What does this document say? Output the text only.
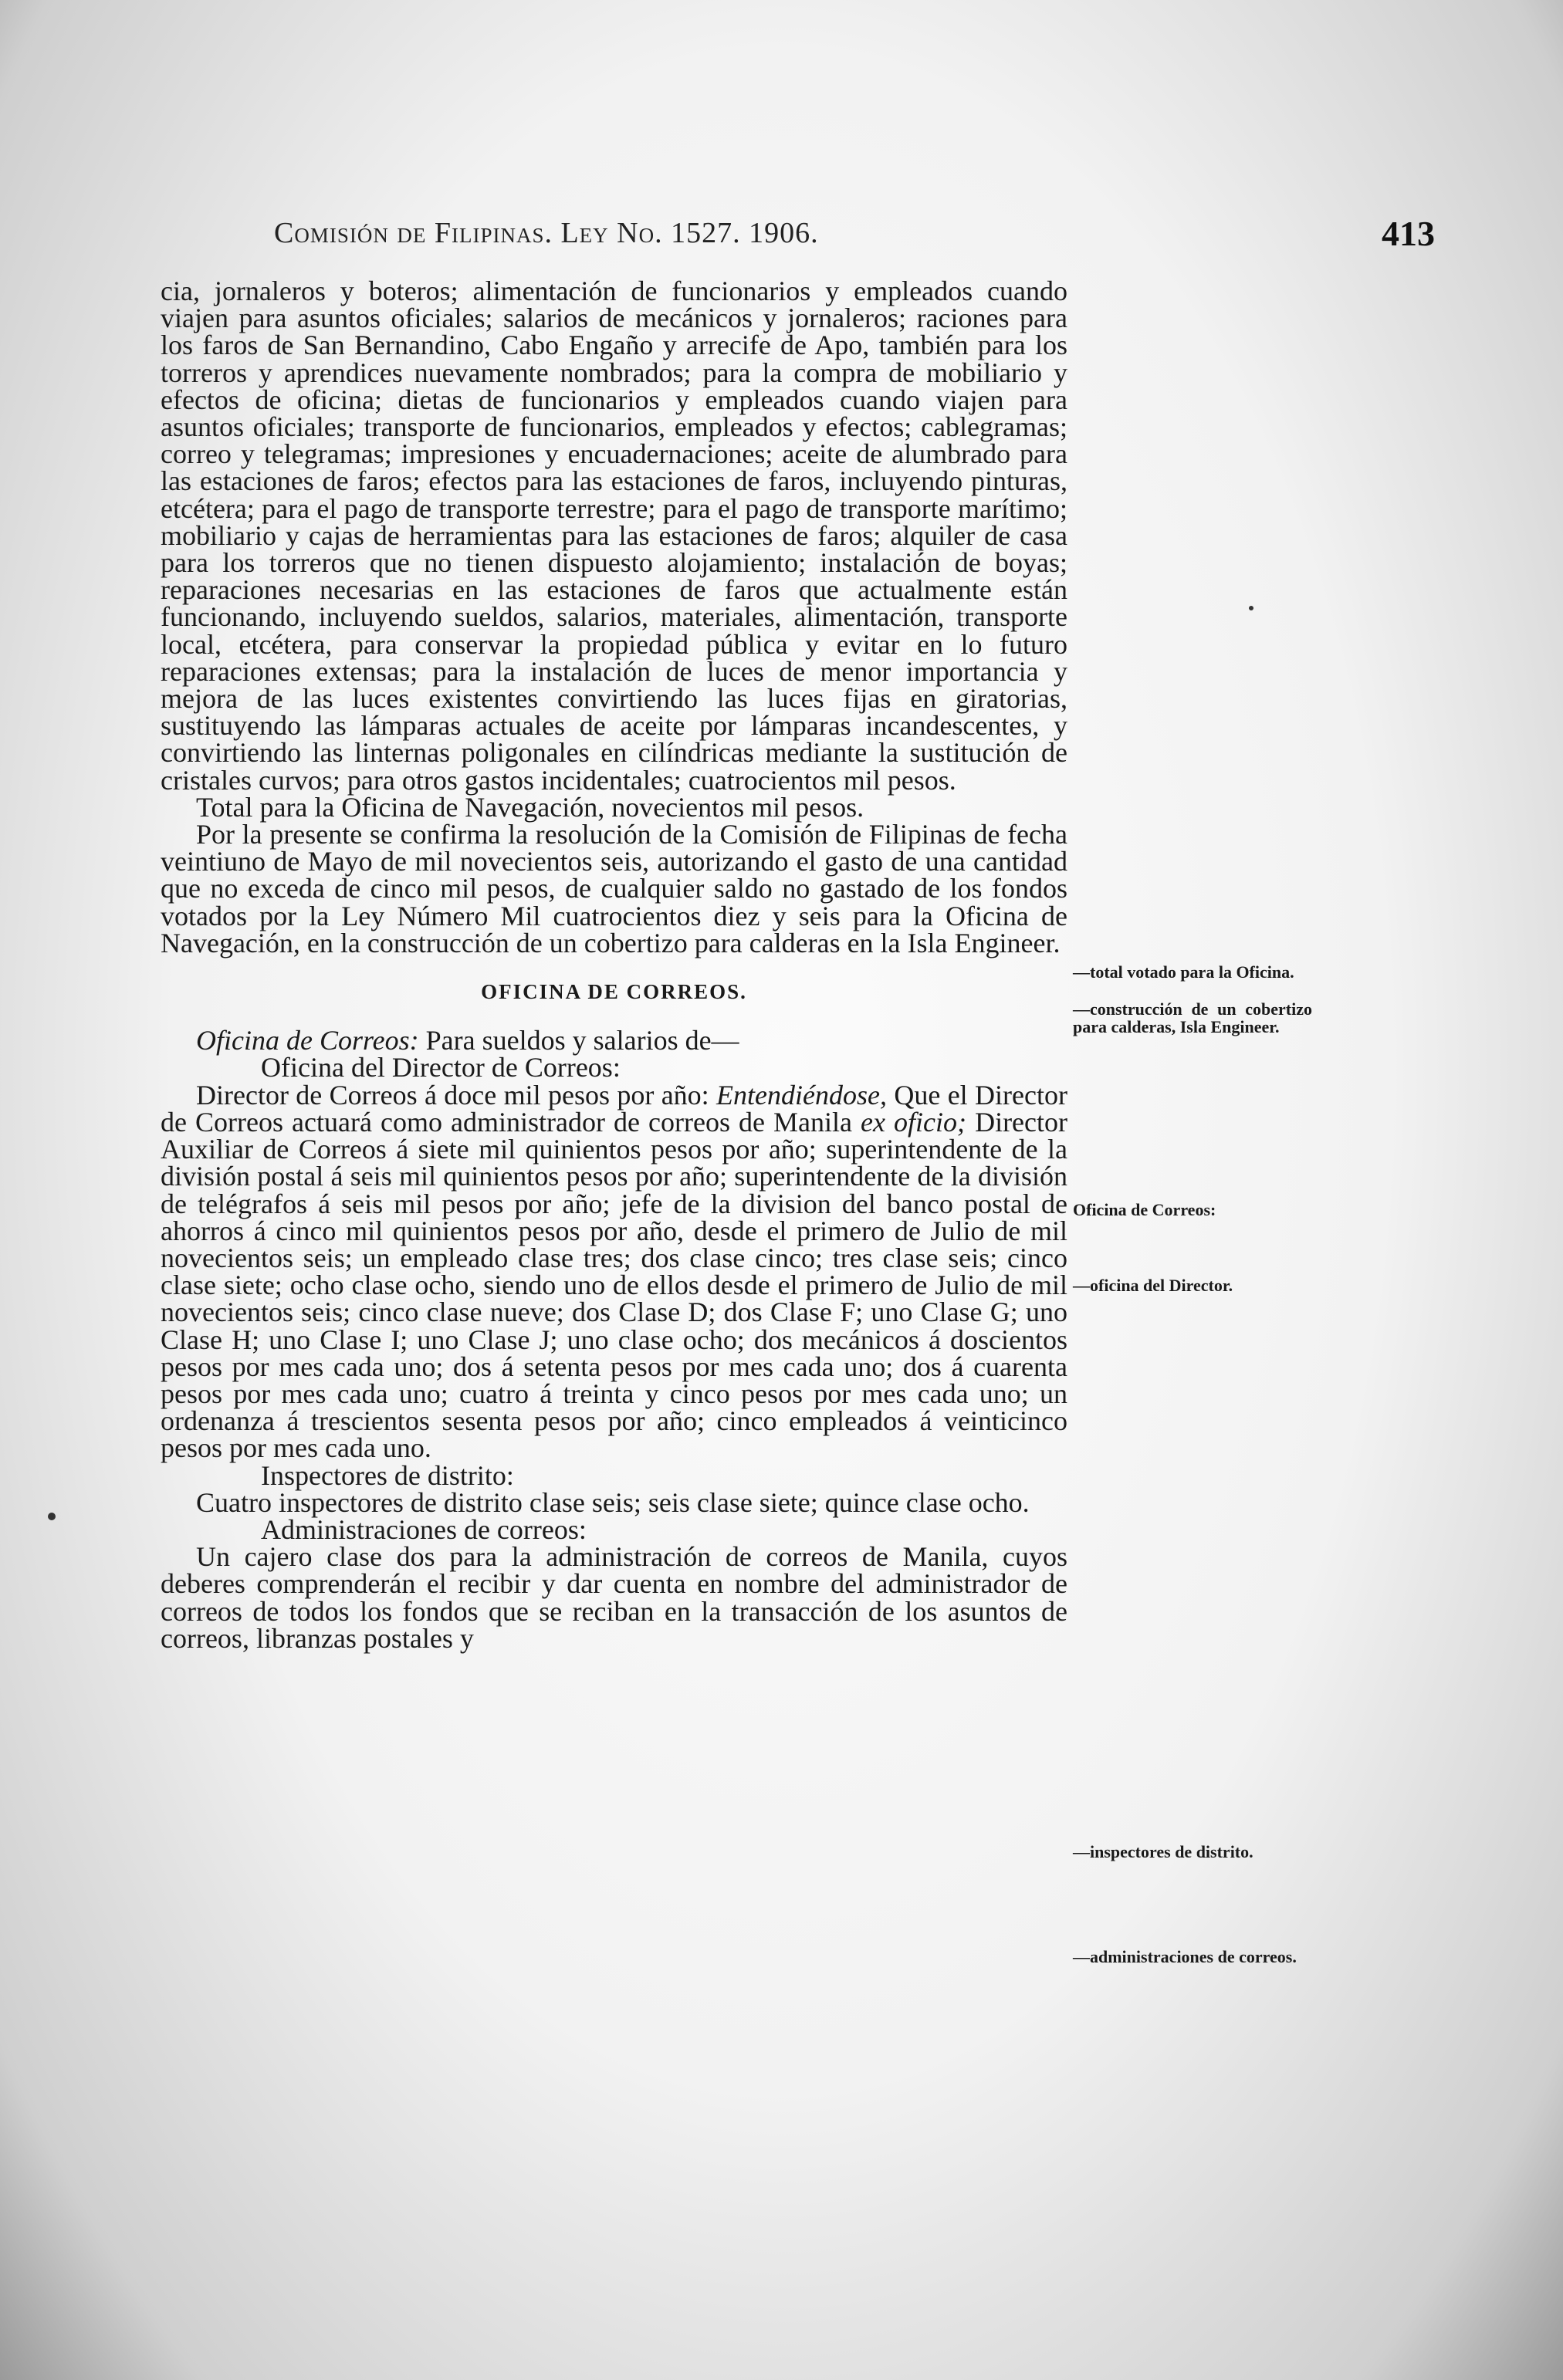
Comisión de Filipinas. Ley No. 1527. 1906.	413

cia, jornaleros y boteros; alimentación de funcionarios y empleados cuando viajen para asuntos oficiales; salarios de mecánicos y jornaleros; raciones para los faros de San Bernandino, Cabo Engaño y arrecife de Apo, también para los torreros y aprendices nuevamente nombrados; para la compra de mobiliario y efectos de oficina; dietas de funcionarios y empleados cuando viajen para asuntos oficiales; transporte de funcionarios, empleados y efectos; cablegramas; correo y telegramas; impresiones y encuadernaciones; aceite de alumbrado para las estaciones de faros; efectos para las estaciones de faros, incluyendo pinturas, etcétera; para el pago de transporte terrestre; para el pago de transporte marítimo; mobiliario y cajas de herramientas para las estaciones de faros; alquiler de casa para los torreros que no tienen dispuesto alojamiento; instalación de boyas; reparaciones necesarias en las estaciones de faros que actualmente están funcionando, incluyendo sueldos, salarios, materiales, alimentación, transporte local, etcétera, para conservar la propiedad pública y evitar en lo futuro reparaciones extensas; para la instalación de luces de menor importancia y mejora de las luces existentes convirtiendo las luces fijas en giratorias, sustituyendo las lámparas actuales de aceite por lámparas incandescentes, y convirtiendo las linternas poligonales en cilíndricas mediante la sustitución de cristales curvos; para otros gastos incidentales; cuatrocientos mil pesos.

Total para la Oficina de Navegación, novecientos mil pesos.

Por la presente se confirma la resolución de la Comisión de Filipinas de fecha veintiuno de Mayo de mil novecientos seis, autorizando el gasto de una cantidad que no exceda de cinco mil pesos, de cualquier saldo no gastado de los fondos votados por la Ley Número Mil cuatrocientos diez y seis para la Oficina de Navegación, en la construcción de un cobertizo para calderas en la Isla Engineer.

OFICINA DE CORREOS.

Oficina de Correos: Para sueldos y salarios de—

Oficina del Director de Correos:

Director de Correos á doce mil pesos por año: Entendiéndose, Que el Director de Correos actuará como administrador de correos de Manila ex oficio; Director Auxiliar de Correos á siete mil quinientos pesos por año; superintendente de la división postal á seis mil quinientos pesos por año; superintendente de la división de telégrafos á seis mil pesos por año; jefe de la division del banco postal de ahorros á cinco mil quinientos pesos por año, desde el primero de Julio de mil novecientos seis; un empleado clase tres; dos clase cinco; tres clase seis; cinco clase siete; ocho clase ocho, siendo uno de ellos desde el primero de Julio de mil novecientos seis; cinco clase nueve; dos Clase D; dos Clase F; uno Clase G; uno Clase H; uno Clase I; uno Clase J; uno clase ocho; dos mecánicos á doscientos pesos por mes cada uno; dos á setenta pesos por mes cada uno; dos á cuarenta pesos por mes cada uno; cuatro á treinta y cinco pesos por mes cada uno; un ordenanza á trescientos sesenta pesos por año; cinco empleados á veinticinco pesos por mes cada uno.

Inspectores de distrito:

Cuatro inspectores de distrito clase seis; seis clase siete; quince clase ocho.

Administraciones de correos:

Un cajero clase dos para la administración de correos de Manila, cuyos deberes comprenderán el recibir y dar cuenta en nombre del administrador de correos de todos los fondos que se reciban en la transacción de los asuntos de correos, libranzas postales y

—total votado para la Oficina.
—construcción de un cobertizo para calderas, Isla Engineer.
Oficina de Correos:
—oficina del Director.
—inspectores de distrito.
—administraciones de correos.
